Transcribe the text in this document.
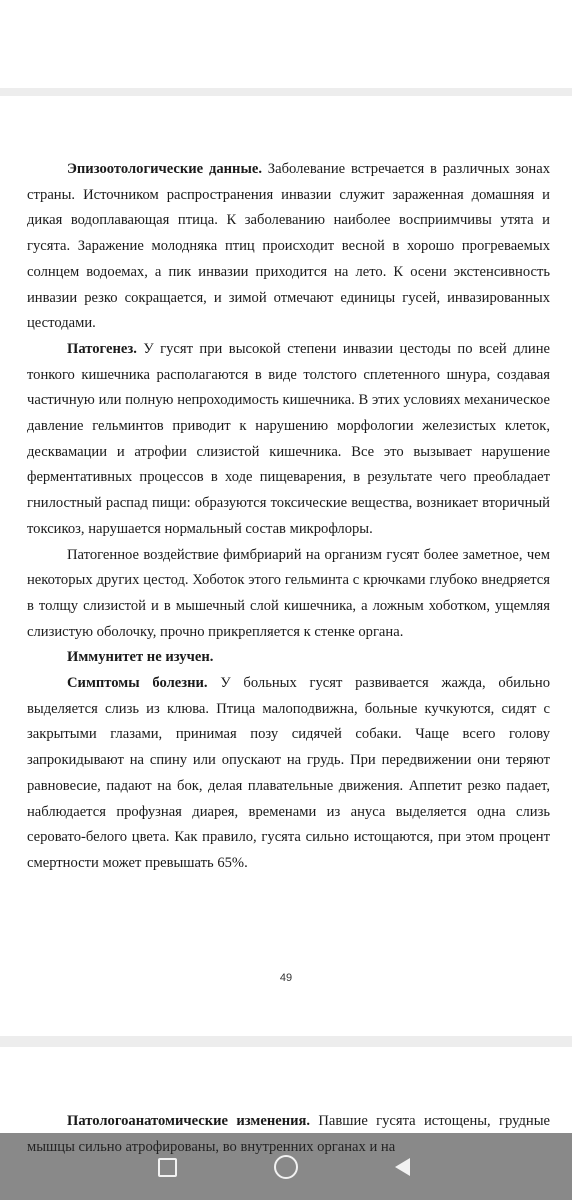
Эпизоотологические данные. Заболевание встречается в различных зонах страны. Источником распространения инвазии служит зараженная домашняя и дикая водоплавающая птица. К заболеванию наиболее восприимчивы утята и гусята. Заражение молодняка птиц происходит весной в хорошо прогреваемых солнцем водоемах, а пик инвазии приходится на лето. К осени экстенсивность инвазии резко сокращается, и зимой отмечают единицы гусей, инвазированных цестодами.

Патогенез. У гусят при высокой степени инвазии цестоды по всей длине тонкого кишечника располагаются в виде толстого сплетенного шнура, создавая частичную или полную непроходимость кишечника. В этих условиях механическое давление гельминтов приводит к нарушению морфологии железистых клеток, десквамации и атрофии слизистой кишечника. Все это вызывает нарушение ферментативных процессов в ходе пищеварения, в результате чего преобладает гнилостный распад пищи: образуются токсические вещества, возникает вторичный токсикоз, нарушается нормальный состав микрофлоры.

Патогенное воздействие фимбриарий на организм гусят более заметное, чем некоторых других цестод. Хоботок этого гельминта с крючками глубоко внедряется в толщу слизистой и в мышечный слой кишечника, а ложным хоботком, ущемляя слизистую оболочку, прочно прикрепляется к стенке органа.

Иммунитет не изучен.

Симптомы болезни. У больных гусят развивается жажда, обильно выделяется слизь из клюва. Птица малоподвижна, больные кучкуются, сидят с закрытыми глазами, принимая позу сидячей собаки. Чаще всего голову запрокидывают на спину или опускают на грудь. При передвижении они теряют равновесие, падают на бок, делая плавательные движения. Аппетит резко падает, наблюдается профузная диарея, временами из ануса выделяется одна слизь серовато-белого цвета. Как правило, гусята сильно истощаются, при этом процент смертности может превышать 65%.

49

Патологоанатомические изменения. Павшие гусята истощены, грудные
